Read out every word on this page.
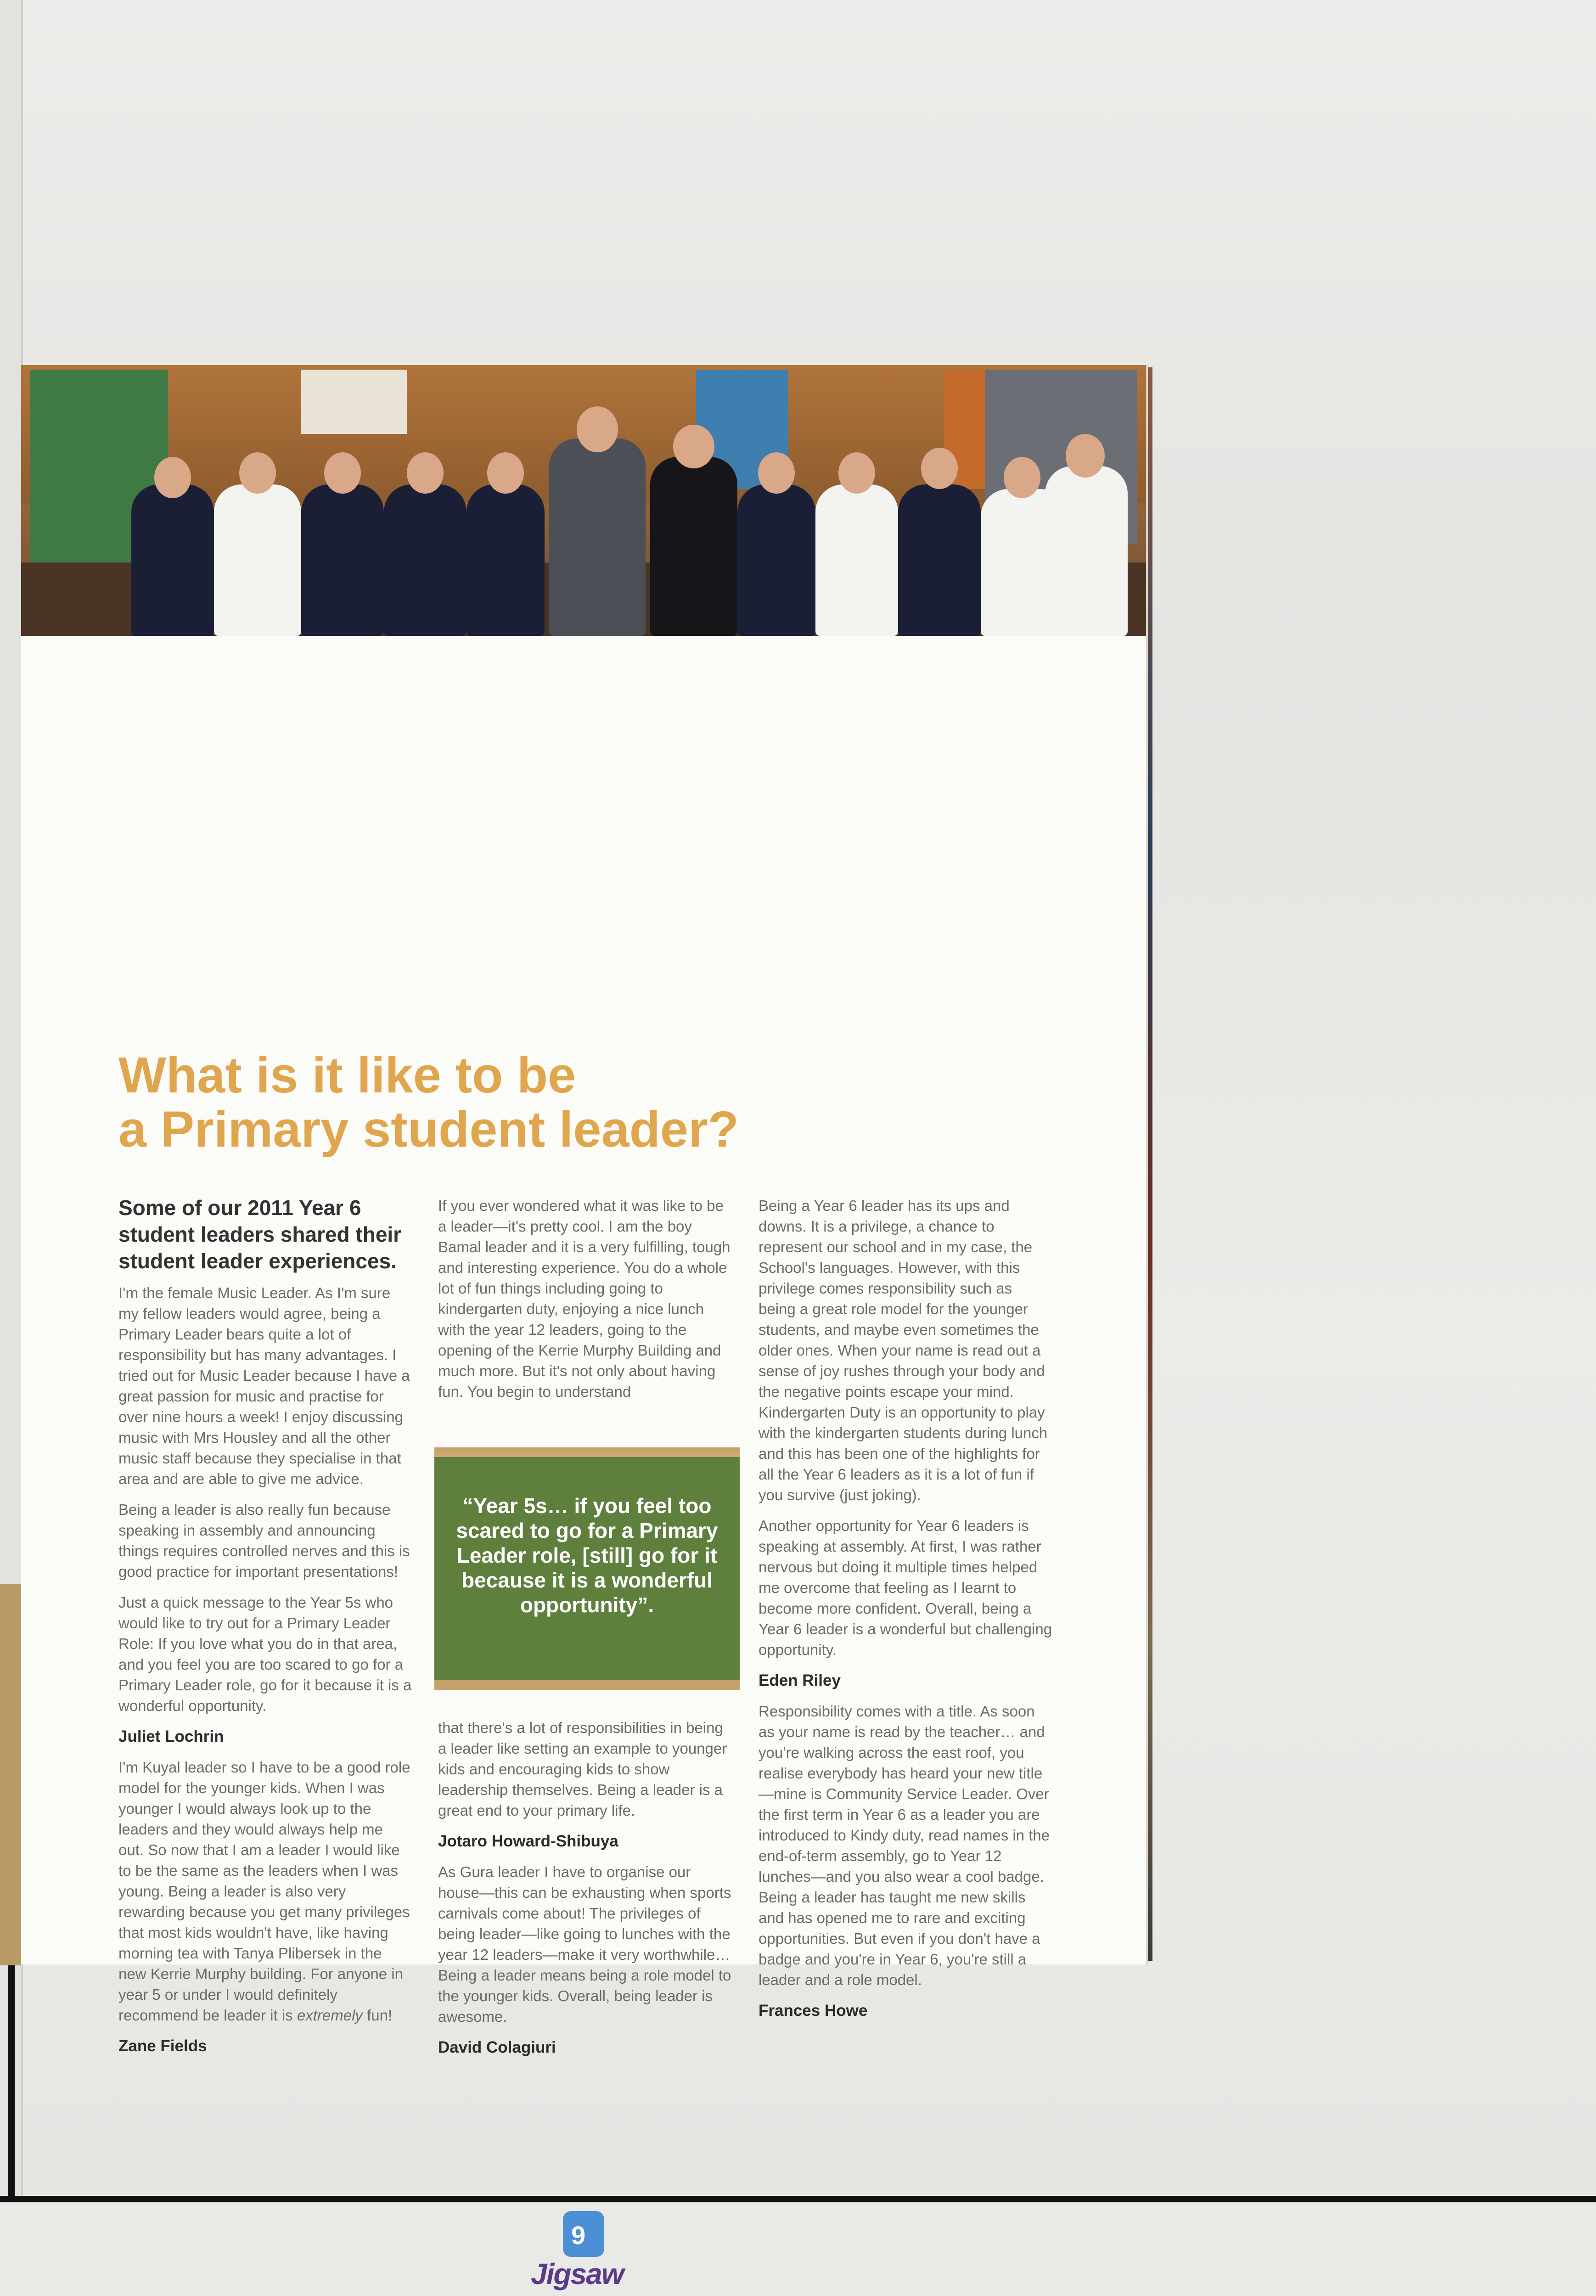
What is it like to be
a Primary student leader?

Some of our 2011 Year 6 student leaders shared their student leader experiences.

I'm the female Music Leader. As I'm sure my fellow leaders would agree, being a Primary Leader bears quite a lot of responsibility but has many advantages. I tried out for Music Leader because I have a great passion for music and practise for over nine hours a week! I enjoy discussing music with Mrs Housley and all the other music staff because they specialise in that area and are able to give me advice.

Being a leader is also really fun because speaking in assembly and announcing things requires controlled nerves and this is good practice for important presentations!

Just a quick message to the Year 5s who would like to try out for a Primary Leader Role: If you love what you do in that area, and you feel you are too scared to go for a Primary Leader role, go for it because it is a wonderful opportunity.

Juliet Lochrin

I'm Kuyal leader so I have to be a good role model for the younger kids. When I was younger I would always look up to the leaders and they would always help me out. So now that I am a leader I would like to be the same as the leaders when I was young. Being a leader is also very rewarding because you get many privileges that most kids wouldn't have, like having morning tea with Tanya Plibersek in the new Kerrie Murphy building. For anyone in year 5 or under I would definitely recommend be leader it is extremely fun!

Zane Fields

If you ever wondered what it was like to be a leader—it's pretty cool. I am the boy Bamal leader and it is a very fulfilling, tough and interesting experience. You do a whole lot of fun things including going to kindergarten duty, enjoying a nice lunch with the year 12 leaders, going to the opening of the Kerrie Murphy Building and much more. But it's not only about having fun. You begin to understand

“Year 5s… if you feel too scared to go for a Primary Leader role, [still] go for it because it is a wonderful opportunity”.

that there's a lot of responsibilities in being a leader like setting an example to younger kids and encouraging kids to show leadership themselves. Being a leader is a great end to your primary life.

Jotaro Howard-Shibuya

As Gura leader I have to organise our house—this can be exhausting when sports carnivals come about! The privileges of being leader—like going to lunches with the year 12 leaders—make it very worthwhile… Being a leader means being a role model to the younger kids. Overall, being leader is awesome.

David Colagiuri

Being a Year 6 leader has its ups and downs. It is a privilege, a chance to represent our school and in my case, the School's languages. However, with this privilege comes responsibility such as being a great role model for the younger students, and maybe even sometimes the older ones. When your name is read out a sense of joy rushes through your body and the negative points escape your mind. Kindergarten Duty is an opportunity to play with the kindergarten students during lunch and this has been one of the highlights for all the Year 6 leaders as it is a lot of fun if you survive (just joking).

Another opportunity for Year 6 leaders is speaking at assembly. At first, I was rather nervous but doing it multiple times helped me overcome that feeling as I learnt to become more confident. Overall, being a Year 6 leader is a wonderful but challenging opportunity.

Eden Riley

Responsibility comes with a title. As soon as your name is read by the teacher… and you're walking across the east roof, you realise everybody has heard your new title—mine is Community Service Leader. Over the first term in Year 6 as a leader you are introduced to Kindy duty, read names in the end-of-term assembly, go to Year 12 lunches—and you also wear a cool badge. Being a leader has taught me new skills and has opened me to rare and exciting opportunities. But even if you don't have a badge and you're in Year 6, you're still a leader and a role model.

Frances Howe

9
Jigsaw
